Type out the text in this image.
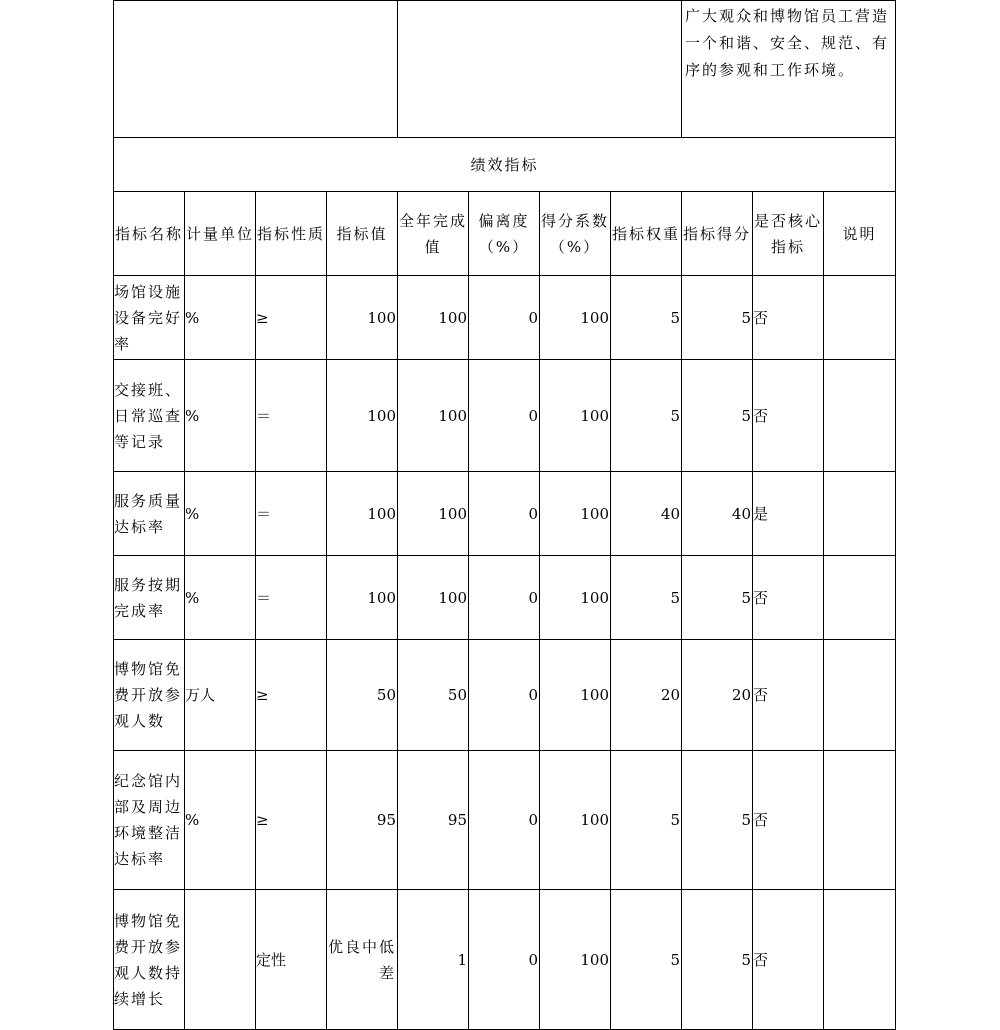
								广大观众和博物馆员工营造一个和谐、安全、规范、有序的参观和工作环境。		
绩效指标										
指标名称	计量单位	指标性质	指标值	全年完成值	偏离度（%）	得分系数（%）	指标权重	指标得分	是否核心指标	说明
场馆设施设备完好率	%	≥	100	100	0	100	5	5	否	
交接班、日常巡查等记录	%	＝	100	100	0	100	5	5	否	
服务质量达标率	%	＝	100	100	0	100	40	40	是	
服务按期完成率	%	＝	100	100	0	100	5	5	否	
博物馆免费开放参观人数	万人	≥	50	50	0	100	20	20	否	
纪念馆内部及周边环境整洁达标率	%	≥	95	95	0	100	5	5	否	
博物馆免费开放参观人数持续增长		定性	优良中低差	1	0	100	5	5	否	
